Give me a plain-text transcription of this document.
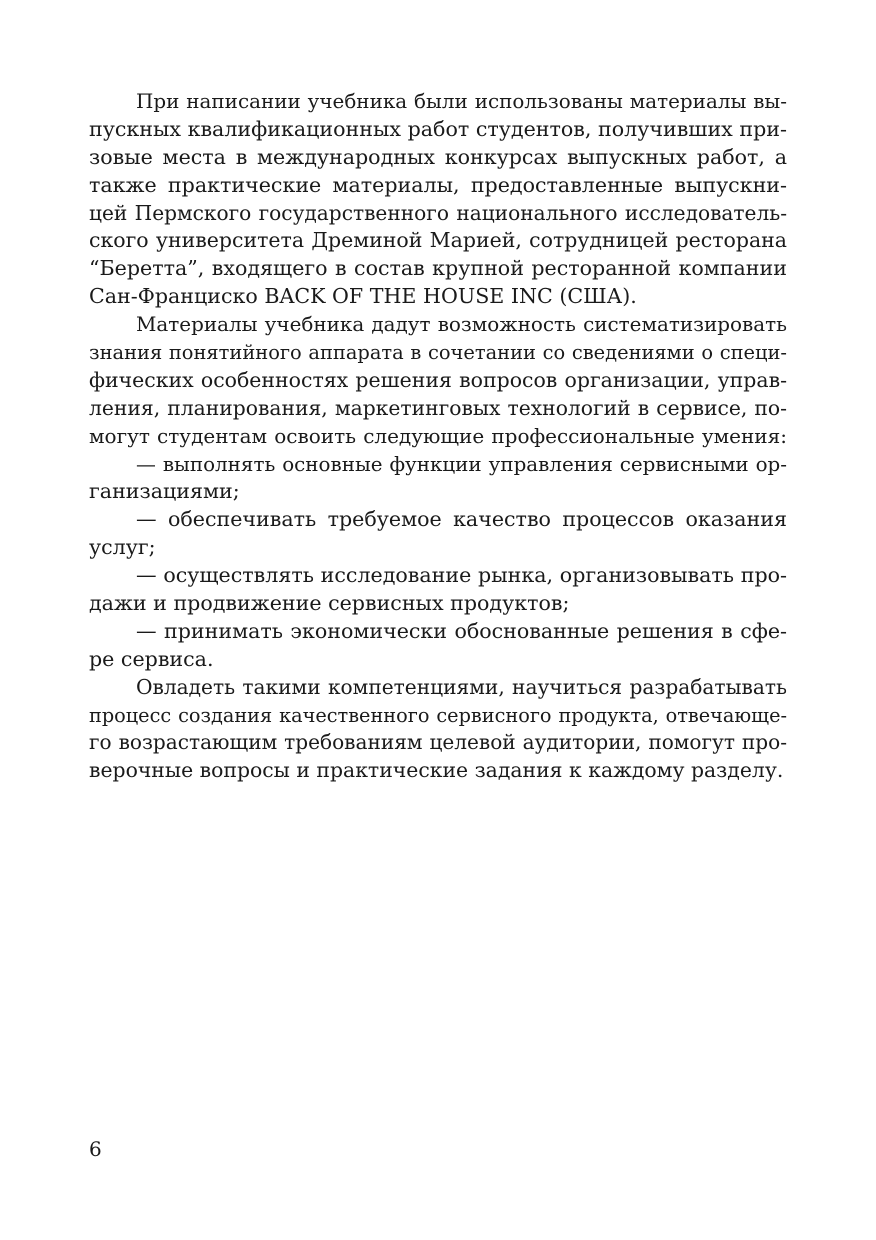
При написании учебника были использованы материалы вы-
пускных квалификационных работ студентов, получивших при-
зовые места в международных конкурсах выпускных работ, а
также практические материалы, предоставленные выпускни-
цей Пермского государственного национального исследователь-
ского университета Дреминой Марией, сотрудницей ресторана
“Беретта”, входящего в состав крупной ресторанной компании
Сан-Франциско BACK OF THE HOUSE INC (США).
Материалы учебника дадут возможность систематизировать
знания понятийного аппарата в сочетании со сведениями о специ-
фических особенностях решения вопросов организации, управ-
ления, планирования, маркетинговых технологий в сервисе, по-
могут студентам освоить следующие профессиональные умения:
— выполнять основные функции управления сервисными ор-
ганизациями;
— обеспечивать требуемое качество процессов оказания
услуг;
— осуществлять исследование рынка, организовывать про-
дажи и продвижение сервисных продуктов;
— принимать экономически обоснованные решения в сфе-
ре сервиса.
Овладеть такими компетенциями, научиться разрабатывать
процесс создания качественного сервисного продукта, отвечающе-
го возрастающим требованиям целевой аудитории, помогут про-
верочные вопросы и практические задания к каждому разделу.
6
